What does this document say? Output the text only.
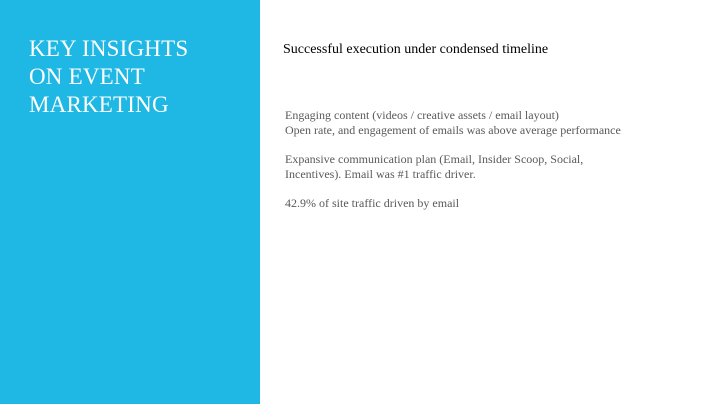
KEY INSIGHTS
ON EVENT
MARKETING
Successful execution under condensed timeline

Engaging content (videos / creative assets / email layout)
Open rate, and engagement of emails was above average performance

Expansive communication plan (Email, Insider Scoop, Social,
Incentives). Email was #1 traffic driver.

42.9% of site traffic driven by email
